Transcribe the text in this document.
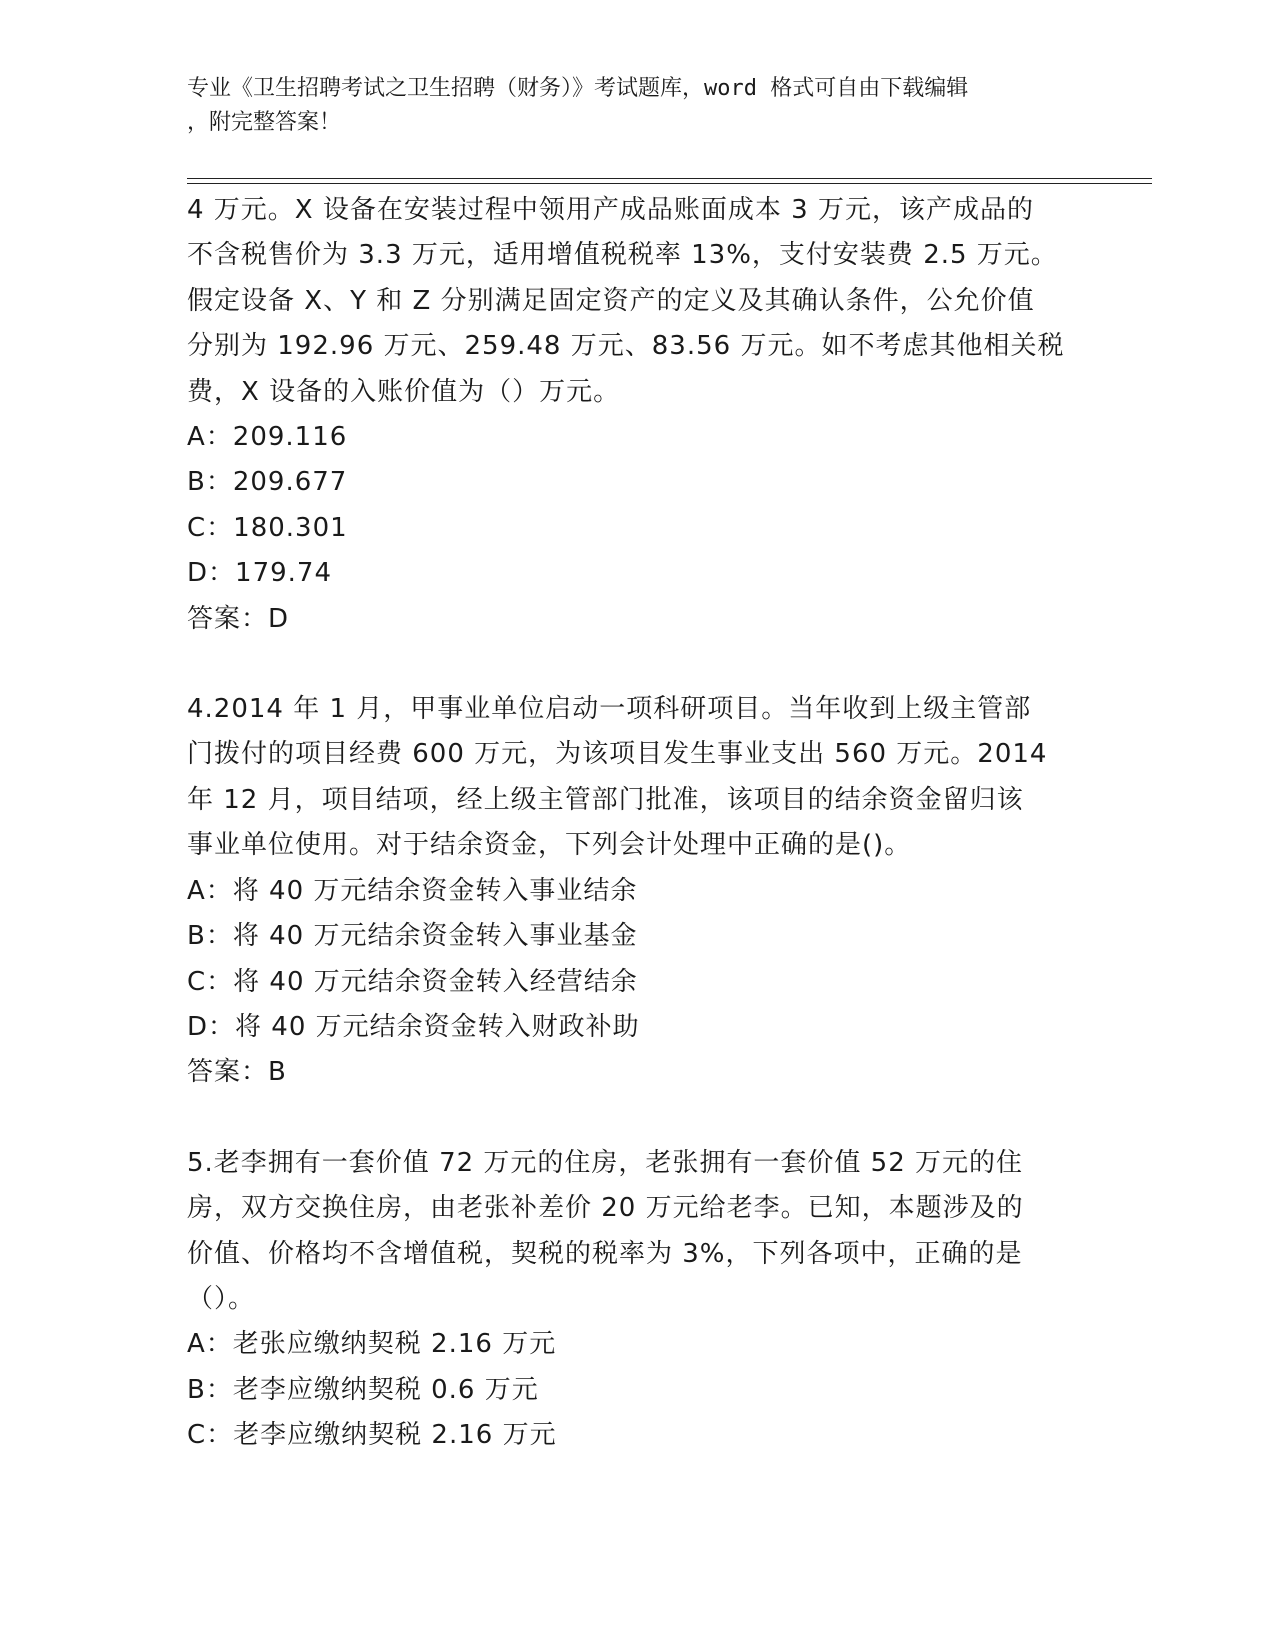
专业《卫生招聘考试之卫生招聘（财务）》考试题库，word 格式可自由下载编辑
，附完整答案！

4 万元。X 设备在安装过程中领用产成品账面成本 3 万元，该产成品的

不含税售价为 3.3 万元，适用增值税税率 13%，支付安装费 2.5 万元。

假定设备 X、Y 和 Z 分别满足固定资产的定义及其确认条件，公允价值

分别为 192.96 万元、259.48 万元、83.56 万元。如不考虑其他相关税

费，X 设备的入账价值为（）万元。

A：209.116

B：209.677

C：180.301

D：179.74

答案：D

4.2014 年 1 月，甲事业单位启动一项科研项目。当年收到上级主管部

门拨付的项目经费 600 万元，为该项目发生事业支出 560 万元。2014

年 12 月，项目结项，经上级主管部门批准，该项目的结余资金留归该

事业单位使用。对于结余资金，下列会计处理中正确的是()。

A：将 40 万元结余资金转入事业结余

B：将 40 万元结余资金转入事业基金

C：将 40 万元结余资金转入经营结余

D：将 40 万元结余资金转入财政补助

答案：B

5.老李拥有一套价值 72 万元的住房，老张拥有一套价值 52 万元的住

房，双方交换住房，由老张补差价 20 万元给老李。已知，本题涉及的

价值、价格均不含增值税，契税的税率为 3%，下列各项中，正确的是

（）。

A：老张应缴纳契税 2.16 万元

B：老李应缴纳契税 0.6 万元

C：老李应缴纳契税 2.16 万元
